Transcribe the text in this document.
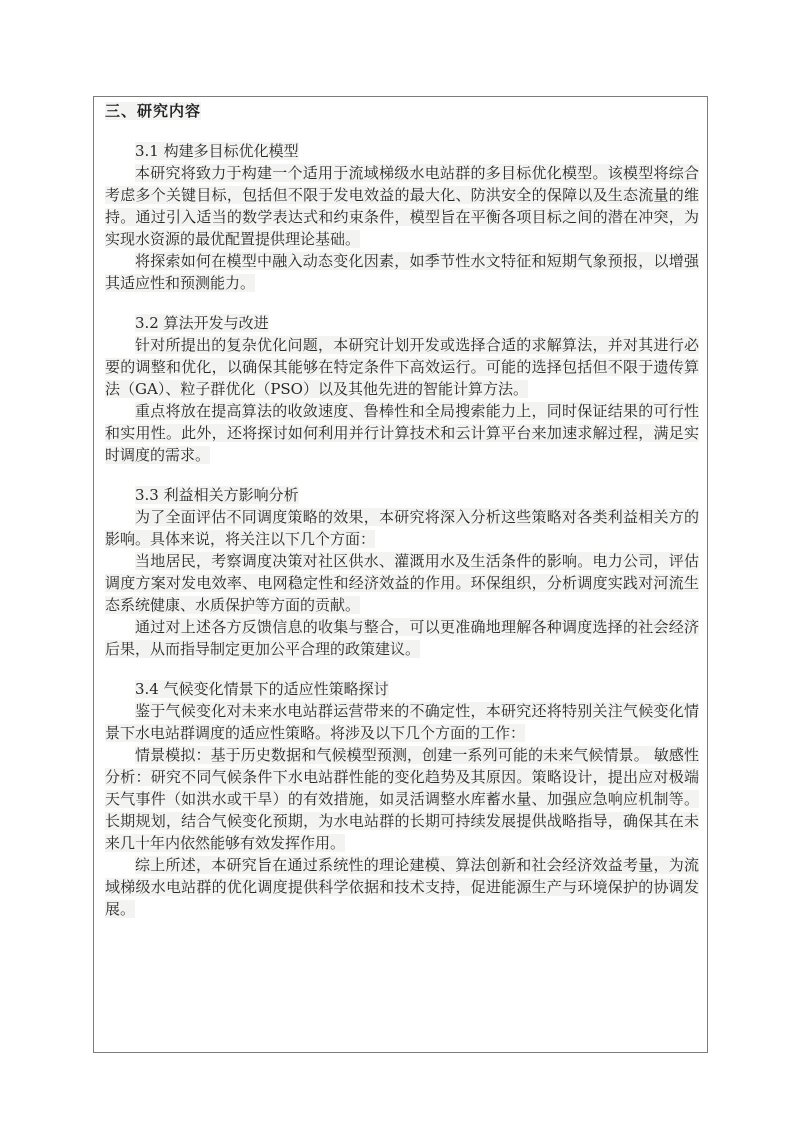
三、研究内容

3.1 构建多目标优化模型

本研究将致力于构建一个适用于流域梯级水电站群的多目标优化模型。该模型将综合考虑多个关键目标，包括但不限于发电效益的最大化、防洪安全的保障以及生态流量的维持。通过引入适当的数学表达式和约束条件，模型旨在平衡各项目标之间的潜在冲突，为实现水资源的最优配置提供理论基础。

将探索如何在模型中融入动态变化因素，如季节性水文特征和短期气象预报，以增强其适应性和预测能力。

3.2 算法开发与改进

针对所提出的复杂优化问题，本研究计划开发或选择合适的求解算法，并对其进行必要的调整和优化，以确保其能够在特定条件下高效运行。可能的选择包括但不限于遗传算法（GA）、粒子群优化（PSO）以及其他先进的智能计算方法。

重点将放在提高算法的收敛速度、鲁棒性和全局搜索能力上，同时保证结果的可行性和实用性。此外，还将探讨如何利用并行计算技术和云计算平台来加速求解过程，满足实时调度的需求。

3.3 利益相关方影响分析

为了全面评估不同调度策略的效果，本研究将深入分析这些策略对各类利益相关方的影响。具体来说，将关注以下几个方面：

当地居民，考察调度决策对社区供水、灌溉用水及生活条件的影响。电力公司，评估调度方案对发电效率、电网稳定性和经济效益的作用。环保组织，分析调度实践对河流生态系统健康、水质保护等方面的贡献。

通过对上述各方反馈信息的收集与整合，可以更准确地理解各种调度选择的社会经济后果，从而指导制定更加公平合理的政策建议。

3.4 气候变化情景下的适应性策略探讨

鉴于气候变化对未来水电站群运营带来的不确定性，本研究还将特别关注气候变化情景下水电站群调度的适应性策略。将涉及以下几个方面的工作：

情景模拟：基于历史数据和气候模型预测，创建一系列可能的未来气候情景。 敏感性分析：研究不同气候条件下水电站群性能的变化趋势及其原因。策略设计，提出应对极端天气事件（如洪水或干旱）的有效措施，如灵活调整水库蓄水量、加强应急响应机制等。长期规划，结合气候变化预期，为水电站群的长期可持续发展提供战略指导，确保其在未来几十年内依然能够有效发挥作用。

综上所述，本研究旨在通过系统性的理论建模、算法创新和社会经济效益考量，为流域梯级水电站群的优化调度提供科学依据和技术支持，促进能源生产与环境保护的协调发展。
